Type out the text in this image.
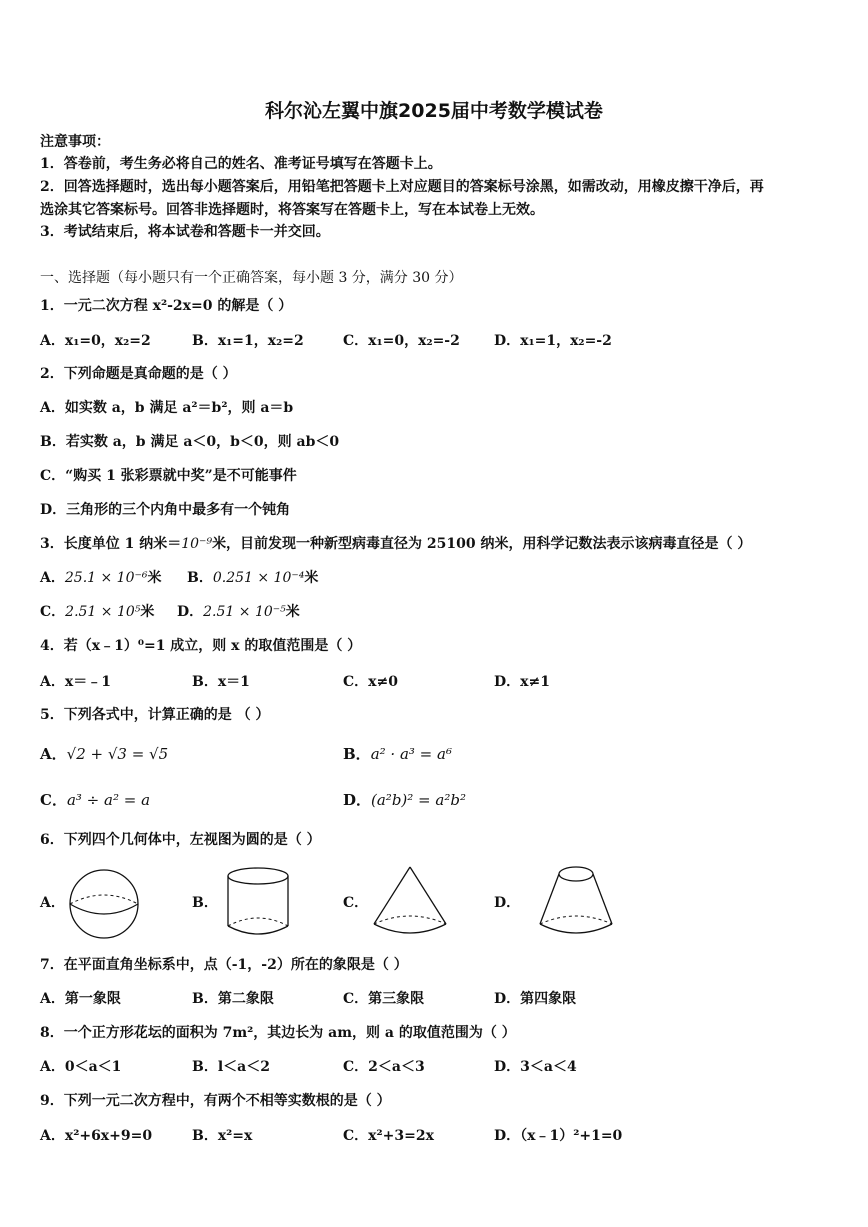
科尔沁左翼中旗2025届中考数学模试卷
注意事项：
1．答卷前，考生务必将自己的姓名、准考证号填写在答题卡上。
2．回答选择题时，选出每小题答案后，用铅笔把答题卡上对应题目的答案标号涂黑，如需改动，用橡皮擦干净后，再
选涂其它答案标号。回答非选择题时，将答案写在答题卡上，写在本试卷上无效。
3．考试结束后，将本试卷和答题卡一并交回。
一、选择题（每小题只有一个正确答案，每小题 3 分，满分 30 分）
1．一元二次方程 x²-2x=0 的解是（ ）
A．x₁=0，x₂=2	B．x₁=1，x₂=2	C．x₁=0，x₂=-2 D．x₁=1，x₂=-2
2．下列命题是真命题的是（ ）
A．如实数 a，b 满足 a²＝b²，则 a＝b
B．若实数 a，b 满足 a＜0，b＜0，则 ab＜0
C．“购买 1 张彩票就中奖”是不可能事件
D．三角形的三个内角中最多有一个钝角
3．长度单位 1 纳米＝10⁻⁹米，目前发现一种新型病毒直径为 25100 纳米，用科学记数法表示该病毒直径是（ ）
A．25.1 × 10⁻⁶米 B．0.251 × 10⁻⁴米
C．2.51 × 10⁵米 D．2.51 × 10⁻⁵米
4．若（x﹣1）⁰=1 成立，则 x 的取值范围是（ ）
A．x＝﹣1	B．x＝1	C．x≠0	D．x≠1
5．下列各式中，计算正确的是 （ ）
A．√2 + √3 = √5	B．a² · a³ = a⁶
C．a³ ÷ a² = a	D．(a²b)² = a²b²
6．下列四个几何体中，左视图为圆的是（ ）
A．	B．	C．	D．
7．在平面直角坐标系中，点（-1，-2）所在的象限是（ ）
A．第一象限	B．第二象限	C．第三象限	D．第四象限
8．一个正方形花坛的面积为 7m²，其边长为 am，则 a 的取值范围为（ ）
A．0＜a＜1	B．l＜a＜2	C．2＜a＜3	D．3＜a＜4
9．下列一元二次方程中，有两个不相等实数根的是（ ）
A．x²+6x+9=0	B．x²=x	C．x²+3=2x	D．（x﹣1）²+1=0
